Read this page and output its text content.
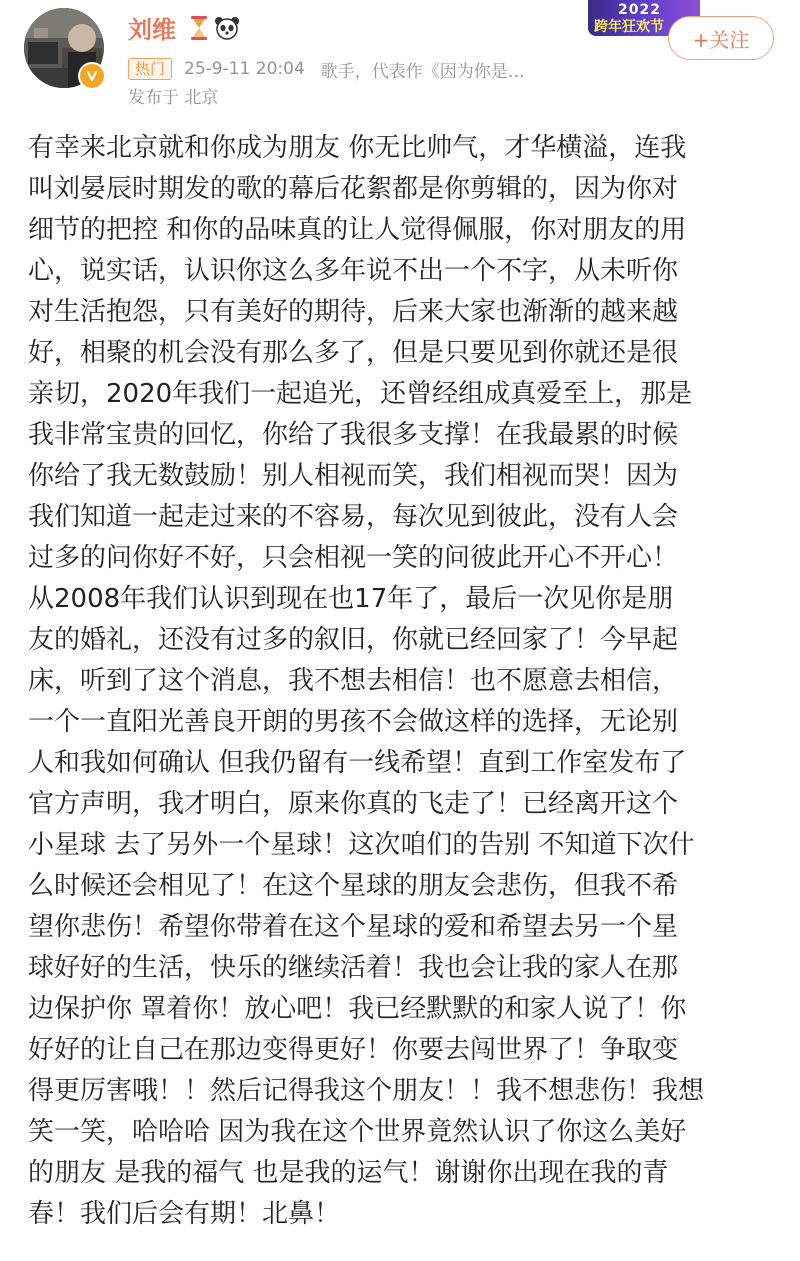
刘维
热门	25-9-11 20:04 歌手，代表作《因为你是…
发布于 北京
2022
跨年狂欢节
+关注
有幸来北京就和你成为朋友 你无比帅气，才华横溢，连我
叫刘晏辰时期发的歌的幕后花絮都是你剪辑的，因为你对
细节的把控 和你的品味真的让人觉得佩服，你对朋友的用
心，说实话，认识你这么多年说不出一个不字，从未听你
对生活抱怨，只有美好的期待，后来大家也渐渐的越来越
好，相聚的机会没有那么多了，但是只要见到你就还是很
亲切，2020年我们一起追光，还曾经组成真爱至上，那是
我非常宝贵的回忆，你给了我很多支撑！在我最累的时候
你给了我无数鼓励！别人相视而笑，我们相视而哭！因为
我们知道一起走过来的不容易，每次见到彼此，没有人会
过多的问你好不好，只会相视一笑的问彼此开心不开心！
从2008年我们认识到现在也17年了，最后一次见你是朋
友的婚礼，还没有过多的叙旧，你就已经回家了！今早起
床，听到了这个消息，我不想去相信！也不愿意去相信，
一个一直阳光善良开朗的男孩不会做这样的选择，无论别
人和我如何确认 但我仍留有一线希望！直到工作室发布了
官方声明，我才明白，原来你真的飞走了！已经离开这个
小星球 去了另外一个星球！这次咱们的告别 不知道下次什
么时候还会相见了！在这个星球的朋友会悲伤，但我不希
望你悲伤！希望你带着在这个星球的爱和希望去另一个星
球好好的生活，快乐的继续活着！我也会让我的家人在那
边保护你 罩着你！放心吧！我已经默默的和家人说了！你
好好的让自己在那边变得更好！你要去闯世界了！争取变
得更厉害哦！！然后记得我这个朋友！！我不想悲伤！我想
笑一笑，哈哈哈 因为我在这个世界竟然认识了你这么美好
的朋友 是我的福气 也是我的运气！谢谢你出现在我的青
春！我们后会有期！北鼻！
